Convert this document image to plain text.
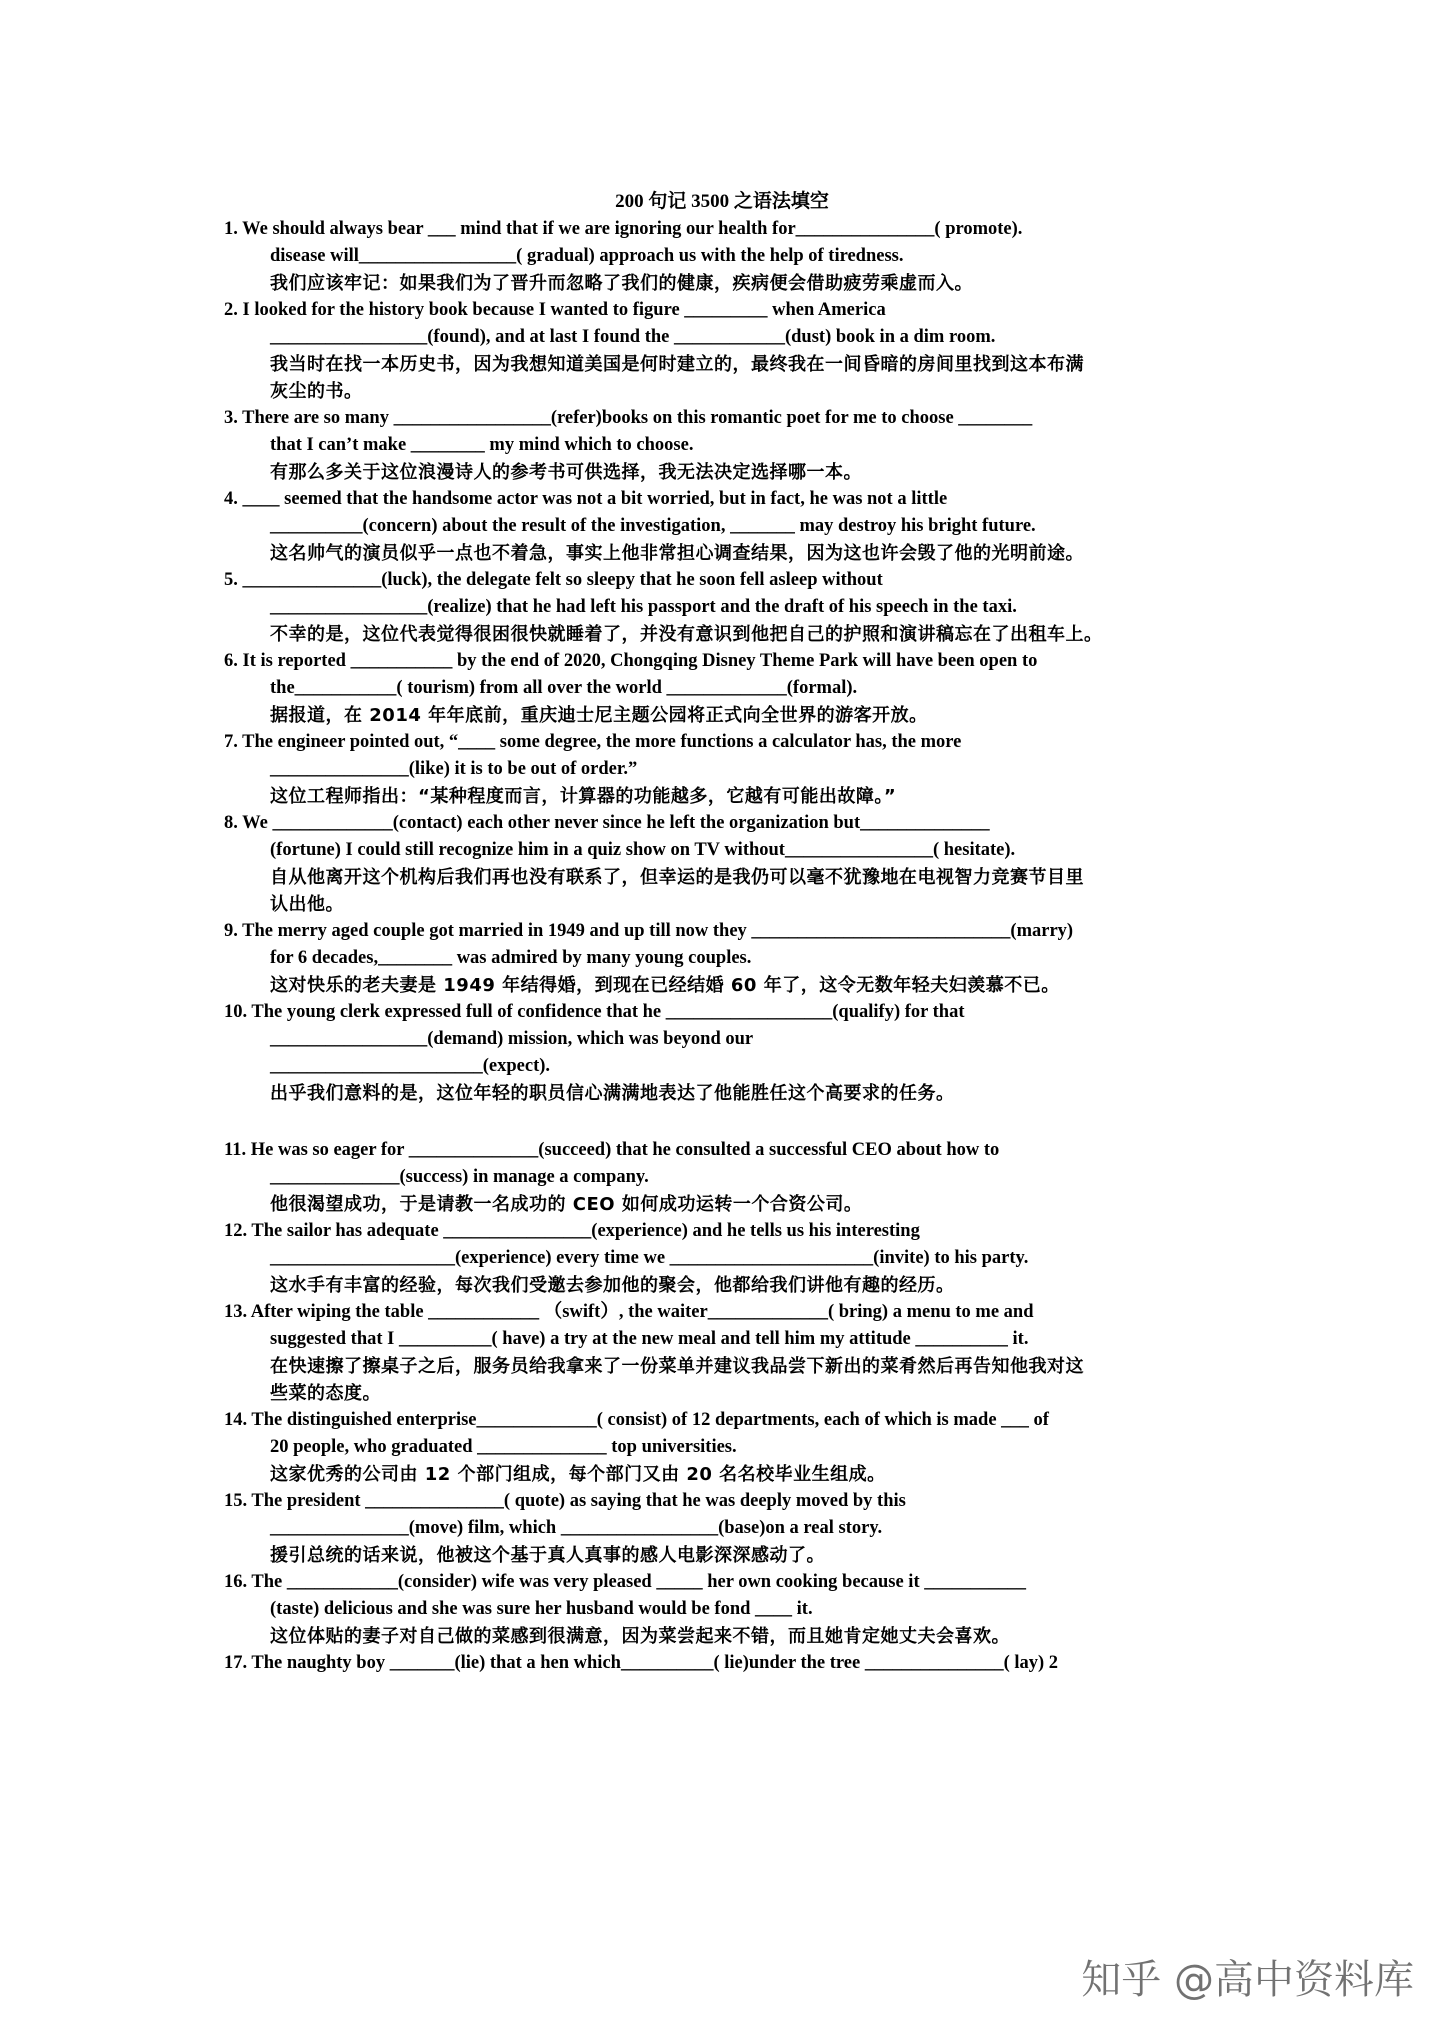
200 句记 3500 之语法填空
1. We should always bear ___ mind that if we are ignoring our health for_______________( promote).
disease will_________________( gradual) approach us with the help of tiredness.
我们应该牢记：如果我们为了晋升而忽略了我们的健康，疾病便会借助疲劳乘虚而入。
2. I looked for the history book because I wanted to figure _________ when America
_________________(found), and at last I found the ____________(dust) book in a dim room.
我当时在找一本历史书，因为我想知道美国是何时建立的，最终我在一间昏暗的房间里找到这本布满
灰尘的书。
3. There are so many _________________(refer)books on this romantic poet for me to choose ________
that I can’t make ________ my mind which to choose.
有那么多关于这位浪漫诗人的参考书可供选择，我无法决定选择哪一本。
4. ____ seemed that the handsome actor was not a bit worried, but in fact, he was not a little
__________(concern) about the result of the investigation, _______ may destroy his bright future.
这名帅气的演员似乎一点也不着急，事实上他非常担心调查结果，因为这也许会毁了他的光明前途。
5. _______________(luck), the delegate felt so sleepy that he soon fell asleep without
_________________(realize) that he had left his passport and the draft of his speech in the taxi.
不幸的是，这位代表觉得很困很快就睡着了，并没有意识到他把自己的护照和演讲稿忘在了出租车上。
6. It is reported ___________ by the end of 2020, Chongqing Disney Theme Park will have been open to
the___________( tourism) from all over the world _____________(formal).
据报道，在 2014 年年底前，重庆迪士尼主题公园将正式向全世界的游客开放。
7. The engineer pointed out, “____ some degree, the more functions a calculator has, the more
_______________(like) it is to be out of order.”
这位工程师指出：“某种程度而言，计算器的功能越多，它越有可能出故障。”
8. We _____________(contact) each other never since he left the organization but______________
(fortune) I could still recognize him in a quiz show on TV without________________( hesitate).
自从他离开这个机构后我们再也没有联系了，但幸运的是我仍可以毫不犹豫地在电视智力竞赛节目里
认出他。
9. The merry aged couple got married in 1949 and up till now they ____________________________(marry)
for 6 decades,________ was admired by many young couples.
这对快乐的老夫妻是 1949 年结得婚，到现在已经结婚 60 年了，这令无数年轻夫妇羡慕不已。
10. The young clerk expressed full of confidence that he __________________(qualify) for that
_________________(demand) mission, which was beyond our
_______________________(expect).
出乎我们意料的是，这位年轻的职员信心满满地表达了他能胜任这个高要求的任务。
11. He was so eager for ______________(succeed) that he consulted a successful CEO about how to
______________(success) in manage a company.
他很渴望成功，于是请教一名成功的 CEO 如何成功运转一个合资公司。
12. The sailor has adequate ________________(experience) and he tells us his interesting
____________________(experience) every time we ______________________(invite) to his party.
这水手有丰富的经验，每次我们受邀去参加他的聚会，他都给我们讲他有趣的经历。
13. After wiping the table ____________ （swift）, the waiter_____________( bring) a menu to me and
suggested that I __________( have) a try at the new meal and tell him my attitude __________ it.
在快速擦了擦桌子之后，服务员给我拿来了一份菜单并建议我品尝下新出的菜肴然后再告知他我对这
些菜的态度。
14. The distinguished enterprise_____________( consist) of 12 departments, each of which is made ___ of
20 people, who graduated ______________ top universities.
这家优秀的公司由 12 个部门组成，每个部门又由 20 名名校毕业生组成。
15. The president _______________( quote) as saying that he was deeply moved by this
_______________(move) film, which _________________(base)on a real story.
援引总统的话来说，他被这个基于真人真事的感人电影深深感动了。
16. The ____________(consider) wife was very pleased _____ her own cooking because it ___________
(taste) delicious and she was sure her husband would be fond ____ it.
这位体贴的妻子对自己做的菜感到很满意，因为菜尝起来不错，而且她肯定她丈夫会喜欢。
17. The naughty boy _______(lie) that a hen which__________( lie)under the tree _______________( lay) 2
知乎 @高中资料库
